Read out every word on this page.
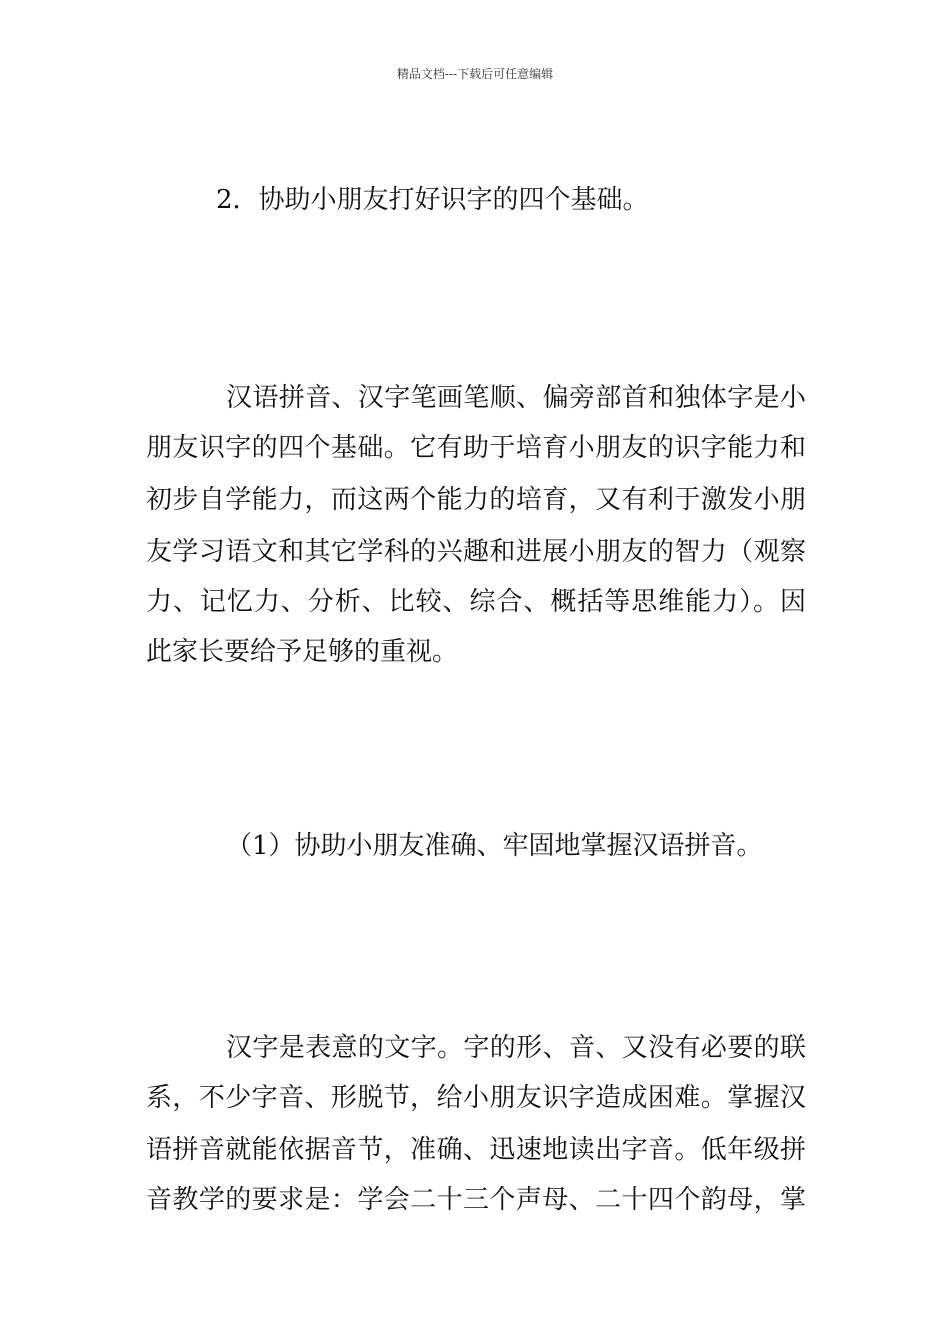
精品文档---下载后可任意编辑
2．协助小朋友打好识字的四个基础。
汉语拼音、汉字笔画笔顺、偏旁部首和独体字是小
朋友识字的四个基础。它有助于培育小朋友的识字能力和
初步自学能力，而这两个能力的培育，又有利于激发小朋
友学习语文和其它学科的兴趣和进展小朋友的智力（观察
力、记忆力、分析、比较、综合、概括等思维能力）。因
此家长要给予足够的重视。
（1）协助小朋友准确、牢固地掌握汉语拼音。
汉字是表意的文字。字的形、音、又没有必要的联
系，不少字音、形脱节，给小朋友识字造成困难。掌握汉
语拼音就能依据音节，准确、迅速地读出字音。低年级拼
音教学的要求是：学会二十三个声母、二十四个韵母，掌
